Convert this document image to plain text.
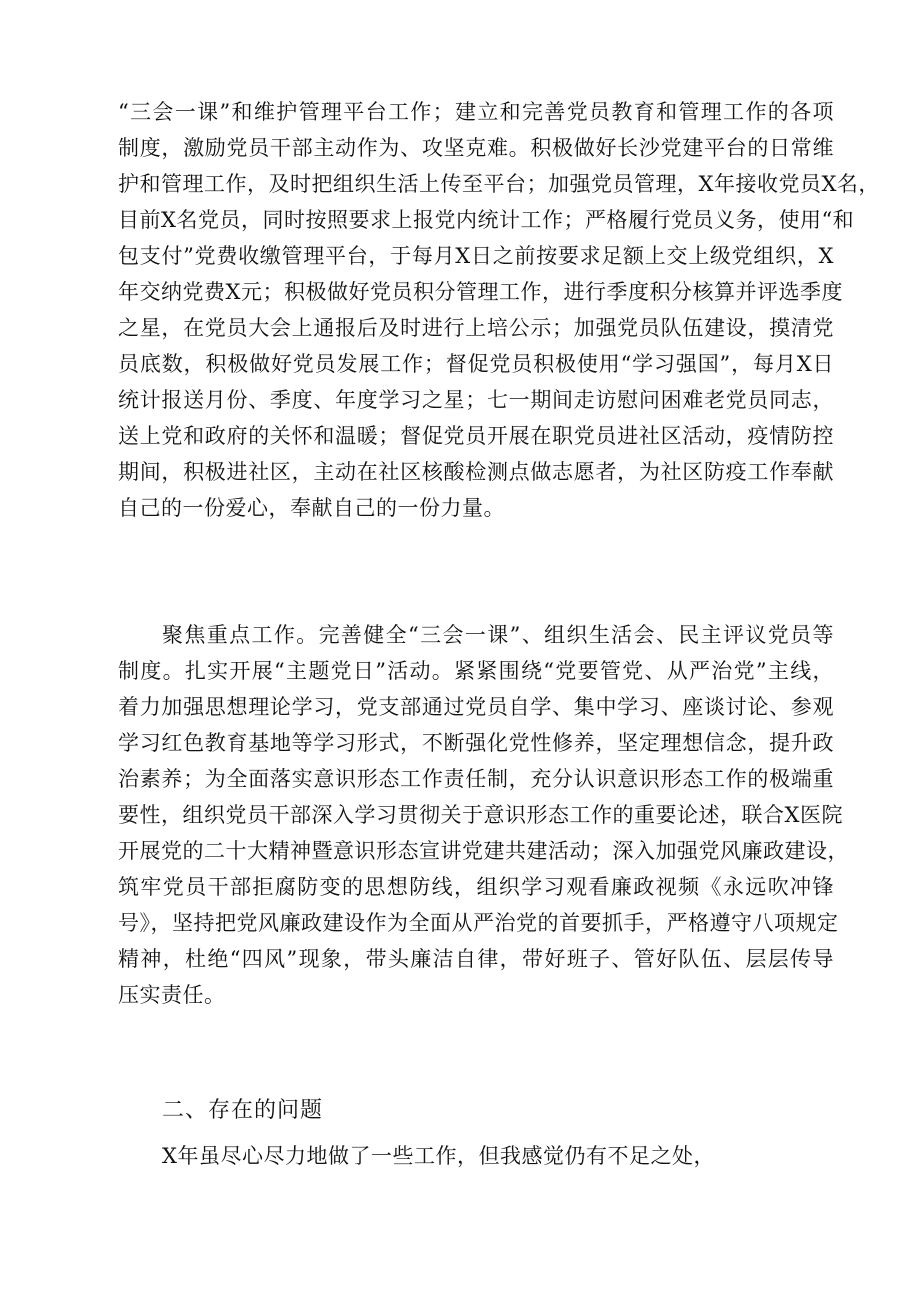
“三会一课”和维护管理平台工作；建立和完善党员教育和管理工作的各项
制度，激励党员干部主动作为、攻坚克难。积极做好长沙党建平台的日常维
护和管理工作，及时把组织生活上传至平台；加强党员管理，X年接收党员X名，
目前X名党员，同时按照要求上报党内统计工作；严格履行党员义务，使用“和
包支付”党费收缴管理平台，于每月X日之前按要求足额上交上级党组织，X
年交纳党费X元；积极做好党员积分管理工作，进行季度积分核算并评选季度
之星，在党员大会上通报后及时进行上培公示；加强党员队伍建设，摸清党
员底数，积极做好党员发展工作；督促党员积极使用“学习强国”，每月X日
统计报送月份、季度、年度学习之星；七一期间走访慰问困难老党员同志，
送上党和政府的关怀和温暖；督促党员开展在职党员进社区活动，疫情防控
期间，积极进社区，主动在社区核酸检测点做志愿者，为社区防疫工作奉献
自己的一份爱心，奉献自己的一份力量。
聚焦重点工作。完善健全“三会一课”、组织生活会、民主评议党员等
制度。扎实开展“主题党日”活动。紧紧围绕“党要管党、从严治党”主线，
着力加强思想理论学习，党支部通过党员自学、集中学习、座谈讨论、参观
学习红色教育基地等学习形式，不断强化党性修养，坚定理想信念，提升政
治素养；为全面落实意识形态工作责任制，充分认识意识形态工作的极端重
要性，组织党员干部深入学习贯彻关于意识形态工作的重要论述，联合X医院
开展党的二十大精神暨意识形态宣讲党建共建活动；深入加强党风廉政建设，
筑牢党员干部拒腐防变的思想防线，组织学习观看廉政视频《永远吹冲锋
号》，坚持把党风廉政建设作为全面从严治党的首要抓手，严格遵守八项规定
精神，杜绝“四风”现象，带头廉洁自律，带好班子、管好队伍、层层传导
压实责任。
二、存在的问题
X年虽尽心尽力地做了一些工作，但我感觉仍有不足之处，
